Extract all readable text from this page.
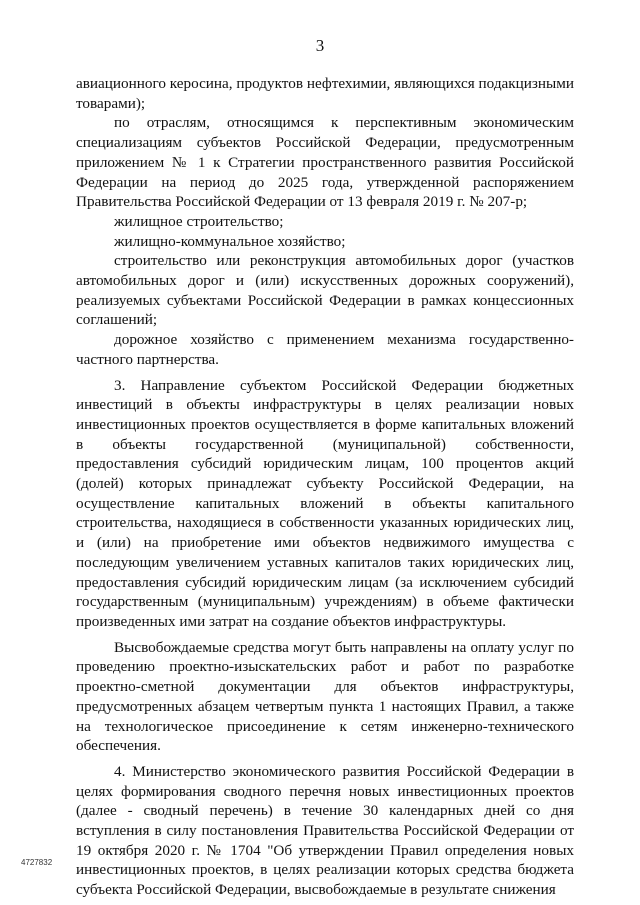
3

авиационного керосина, продуктов нефтехимии, являющихся подакцизными товарами);

по отраслям, относящимся к перспективным экономическим специализациям субъектов Российской Федерации, предусмотренным приложением № 1 к Стратегии пространственного развития Российской Федерации на период до 2025 года, утвержденной распоряжением Правительства Российской Федерации от 13 февраля 2019 г. № 207-р;

жилищное строительство;

жилищно-коммунальное хозяйство;

строительство или реконструкция автомобильных дорог (участков автомобильных дорог и (или) искусственных дорожных сооружений), реализуемых субъектами Российской Федерации в рамках концессионных соглашений;

дорожное хозяйство с применением механизма государственно-частного партнерства.

3. Направление субъектом Российской Федерации бюджетных инвестиций в объекты инфраструктуры в целях реализации новых инвестиционных проектов осуществляется в форме капитальных вложений в объекты государственной (муниципальной) собственности, предоставления субсидий юридическим лицам, 100 процентов акций (долей) которых принадлежат субъекту Российской Федерации, на осуществление капитальных вложений в объекты капитального строительства, находящиеся в собственности указанных юридических лиц, и (или) на приобретение ими объектов недвижимого имущества с последующим увеличением уставных капиталов таких юридических лиц, предоставления субсидий юридическим лицам (за исключением субсидий государственным (муниципальным) учреждениям) в объеме фактически произведенных ими затрат на создание объектов инфраструктуры.

Высвобождаемые средства могут быть направлены на оплату услуг по проведению проектно-изыскательских работ и работ по разработке проектно-сметной документации для объектов инфраструктуры, предусмотренных абзацем четвертым пункта 1 настоящих Правил, а также на технологическое присоединение к сетям инженерно-технического обеспечения.

4. Министерство экономического развития Российской Федерации в целях формирования сводного перечня новых инвестиционных проектов (далее - сводный перечень) в течение 30 календарных дней со дня вступления в силу постановления Правительства Российской Федерации от 19 октября 2020 г. № 1704 "Об утверждении Правил определения новых инвестиционных проектов, в целях реализации которых средства бюджета субъекта Российской Федерации, высвобождаемые в результате снижения

4727832
